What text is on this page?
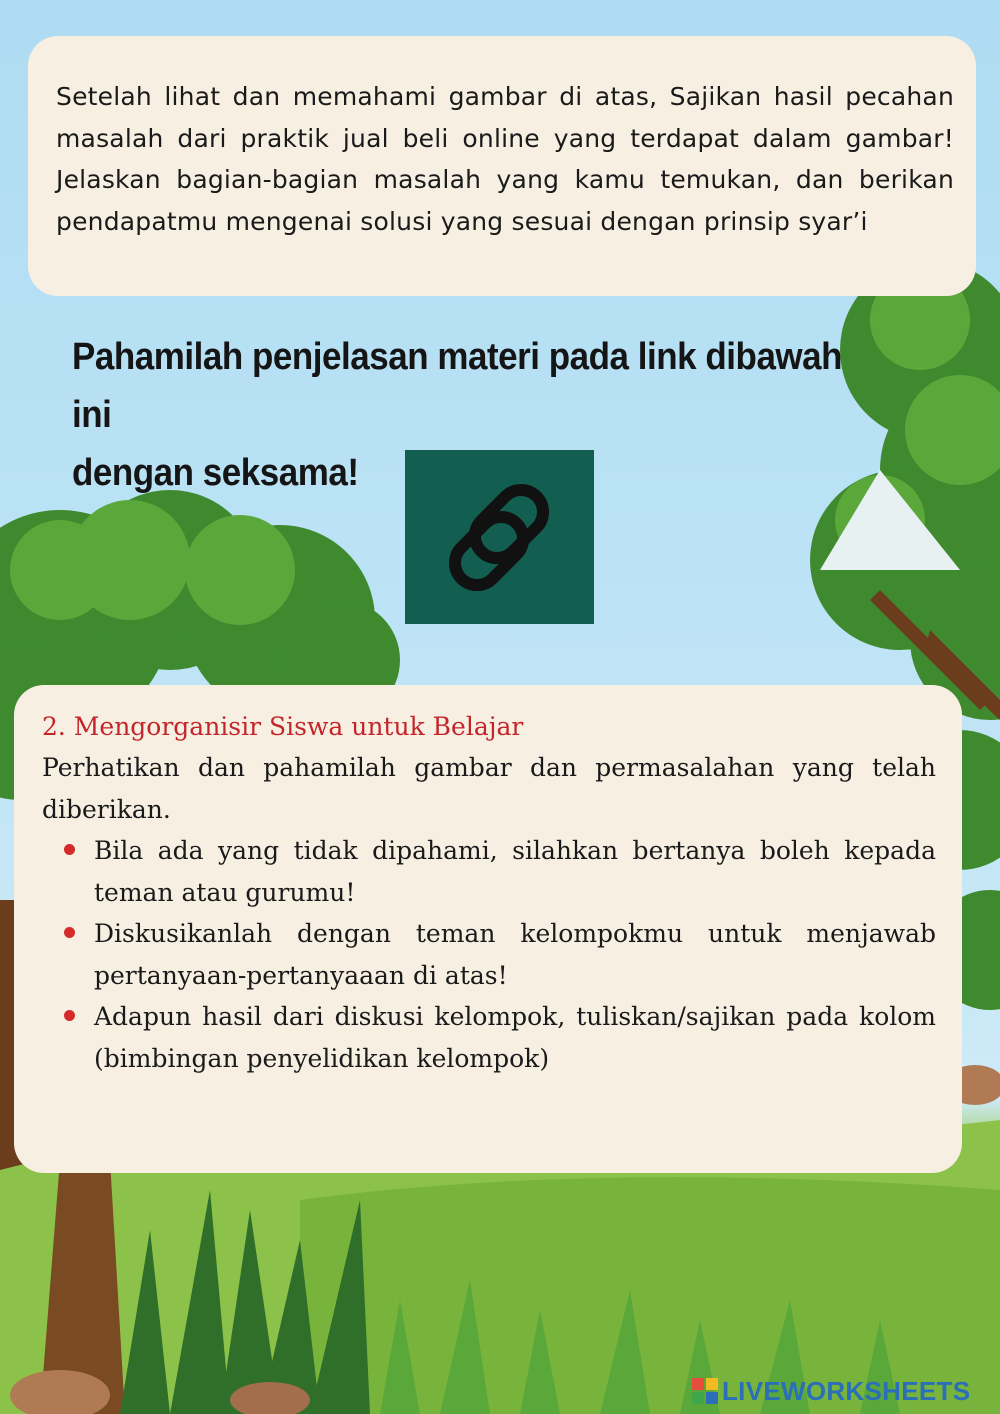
Setelah lihat dan memahami gambar di atas, Sajikan hasil pecahan masalah dari praktik jual beli online yang terdapat dalam gambar! Jelaskan bagian-bagian masalah yang kamu temukan, dan berikan pendapatmu mengenai solusi yang sesuai dengan prinsip syar’i

Pahamilah penjelasan materi pada link dibawah ini
dengan seksama!

2. Mengorganisir Siswa untuk Belajar

Perhatikan dan pahamilah gambar dan permasalahan yang telah diberikan.

Bila ada yang tidak dipahami, silahkan bertanya boleh kepada teman atau gurumu!

Diskusikanlah dengan teman kelompokmu untuk menjawab pertanyaan-pertanyaaan di atas!

Adapun hasil dari diskusi kelompok, tuliskan/sajikan pada kolom (bimbingan penyelidikan kelompok)

LIVEWORKSHEETS
